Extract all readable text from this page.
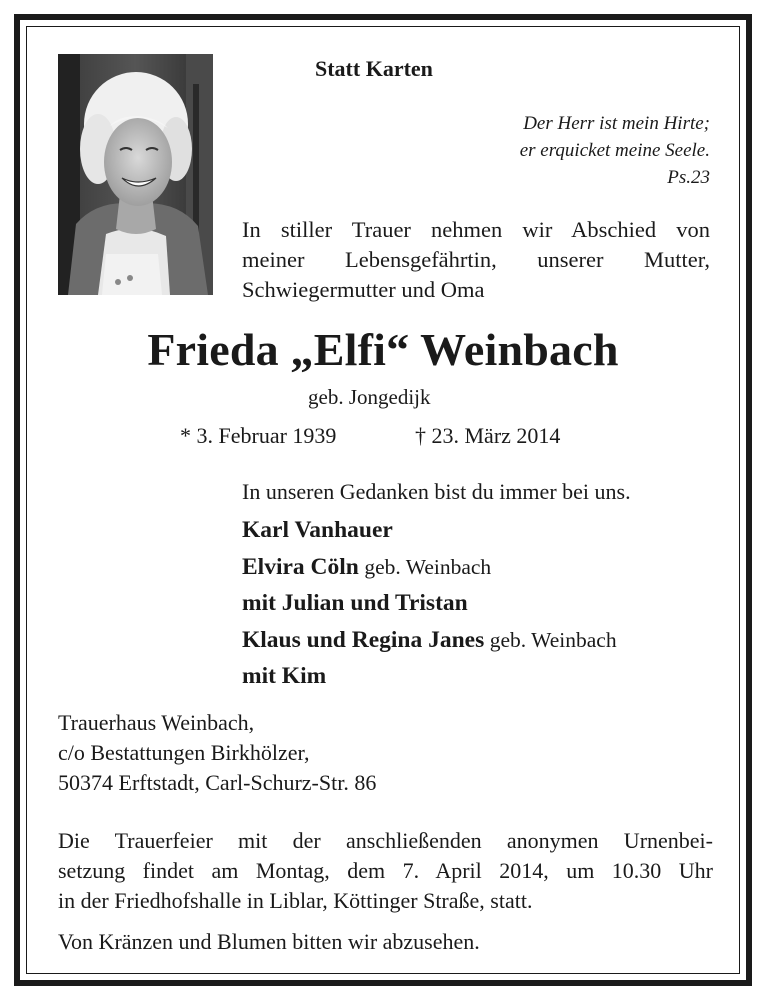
Statt Karten

Der Herr ist mein Hirte;
er erquicket meine Seele.
Ps.23
In stiller Trauer nehmen wir Abschied von
meiner Lebensgefährtin, unserer Mutter,
Schwiegermutter und Oma
Frieda „Elfi“ Weinbach

geb. Jongedijk

* 3. Februar 1939	† 23. März 2014

In unseren Gedanken bist du immer bei uns.

Karl Vanhauer
Elvira Cöln geb. Weinbach
mit Julian und Tristan
Klaus und Regina Janes geb. Weinbach
mit Kim
Trauerhaus Weinbach,
c/o Bestattungen Birkhölzer,
50374 Erftstadt, Carl-Schurz-Str. 86
Die Trauerfeier mit der anschließenden anonymen Urnenbei-
setzung findet am Montag, dem 7. April 2014, um 10.30 Uhr
in der Friedhofshalle in Liblar, Köttinger Straße, statt.

Von Kränzen und Blumen bitten wir abzusehen.
